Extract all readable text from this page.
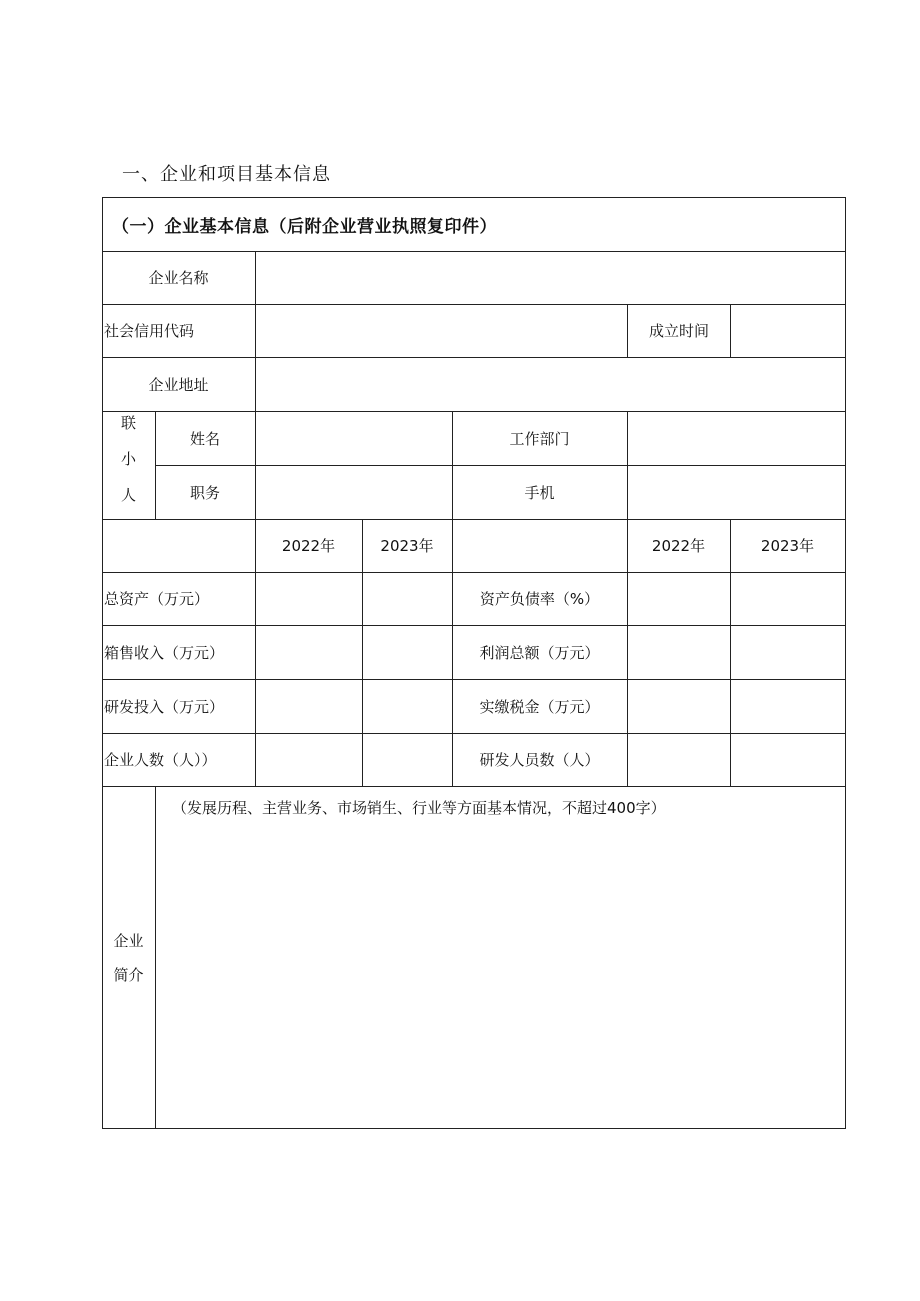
一、企业和项目基本信息
（一）企业基本信息（后附企业营业执照复印件）
企业名称
社会信用代码	成立时间
企业地址
联
小
人
姓名	工作部门
职务	手机
2022年	2023年	2022年	2023年
总资产（万元）	资产负债率（%）
箱售收入（万元）	利润总额（万元）
研发投入（万元）	实缴税金（万元）
企业人数（人））	研发人员数（人）
企业
简介
（发展历程、主营业务、市场销生、行业等方面基本情况，不超过400字）
